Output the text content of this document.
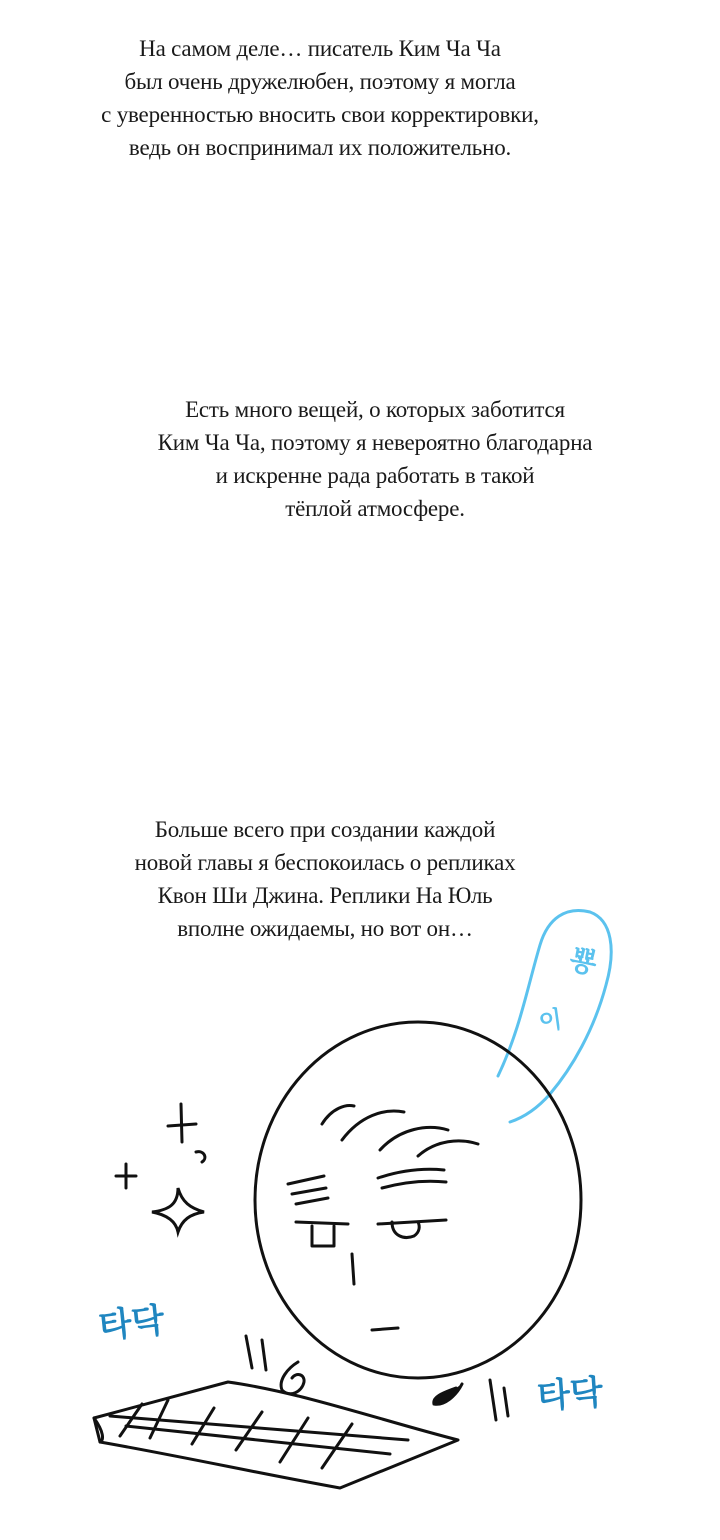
На самом деле… писатель Ким Ча Ча
был очень дружелюбен, поэтому я могла
с уверенностью вносить свои корректировки,
ведь он воспринимал их положительно.
Есть много вещей, о которых заботится
Ким Ча Ча, поэтому я невероятно благодарна
и искренне рада работать в такой
тёплой атмосфере.
Больше всего при создании каждой
новой главы я беспокоилась о репликах
Квон Ши Джина. Реплики На Юль
вполне ожидаемы, но вот он…
뿅
이
타닥
타닥
